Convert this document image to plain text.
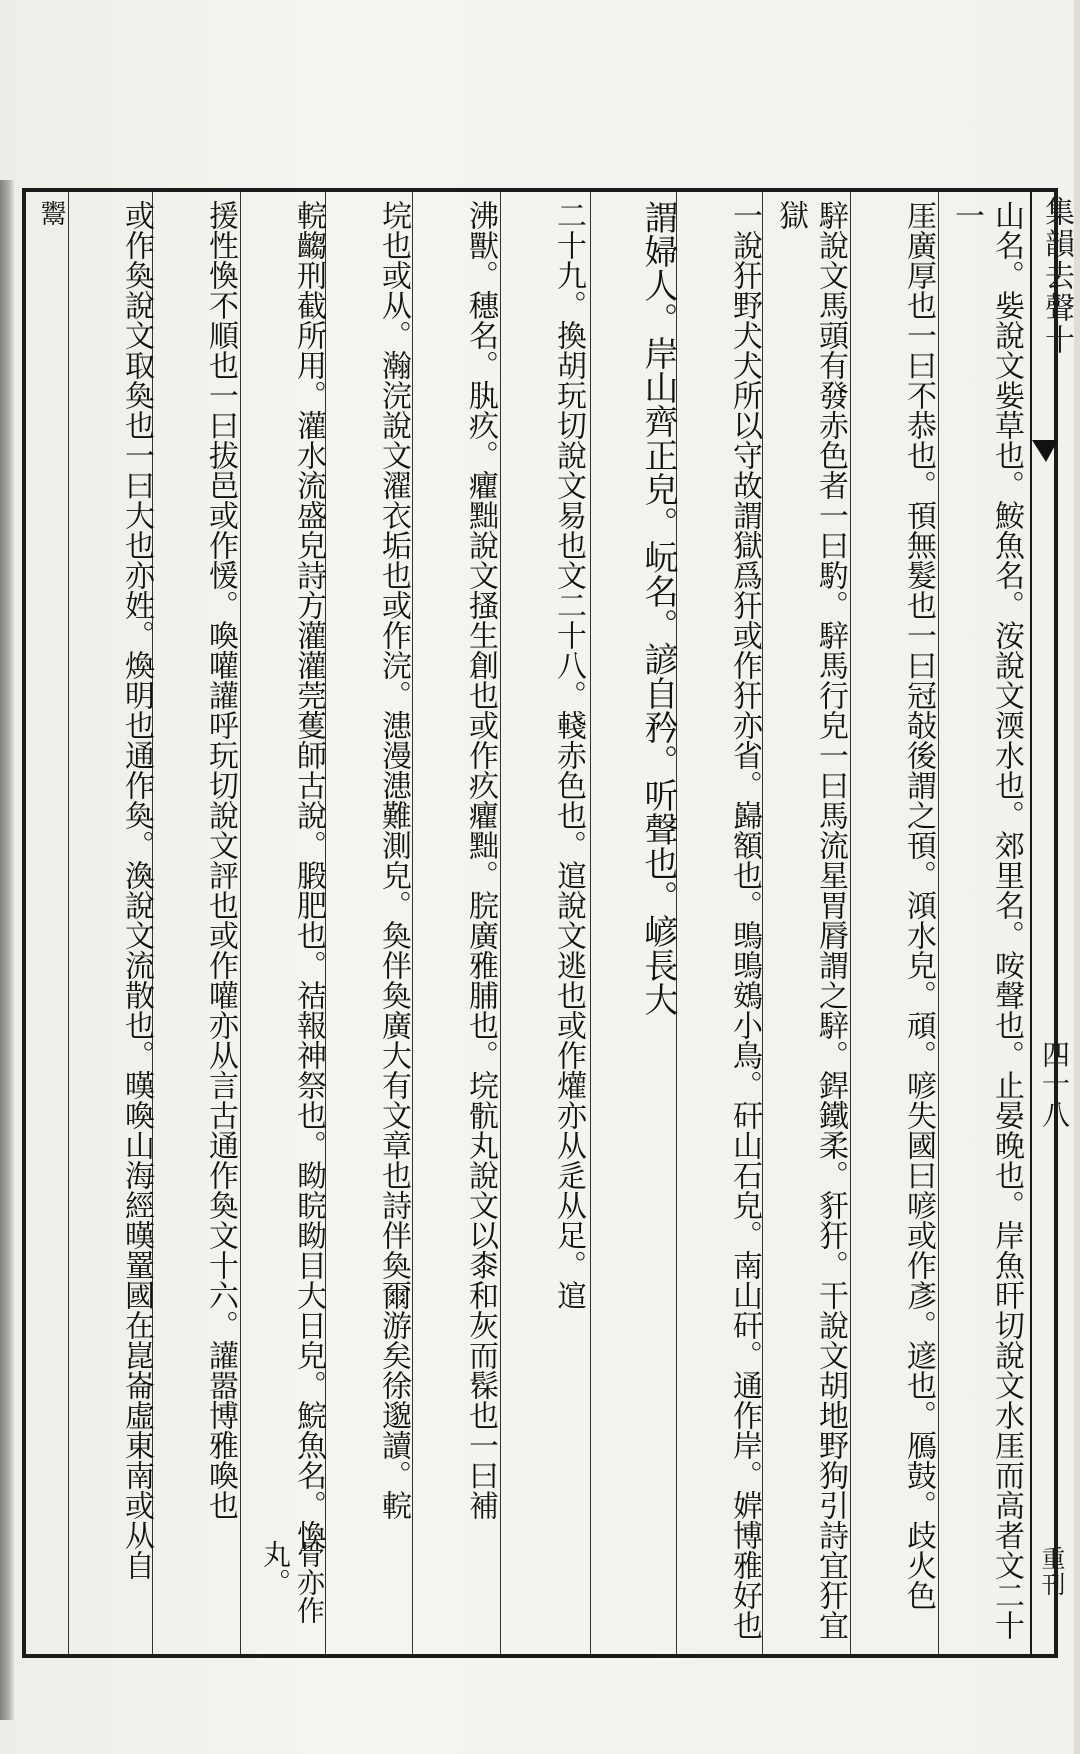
集韻去聲十
四十八
重刊
山名。姕說文姕草也。鮟魚名。洝說文渜水也。郊里名。咹聲也。止晏晚也。岸魚旰切說文水厓而高者文二十一
厓廣厚也一曰不恭也。頇無髮也一曰冠敧後謂之頇。澒水皃。頑。喭失國曰喭或作彥。遃也。鴈鼓。歧火色
騂說文馬頭有發赤色者一曰馰。騂馬行皃一曰馬流星胃脣謂之騂。銲鐵柔。豻犴。干說文胡地野狗引詩宜犴宜獄
一說犴野犬犬所以守故謂獄爲犴或作犴亦省。巋額也。鴠鴠鴳小鳥。矸山石皃。南山矸。通作岸。婩博雅好也
謂婦人。岸山齊正皃。岏名。諺自矜。听聲也。嵃長大
二十九。換胡玩切說文易也文二十八。輚赤色也。逭說文逃也或作爟亦从辵从足。逭
沸獸。穗名。肒疚。癯黜說文搔生創也或作疚癯黜。脘廣雅脯也。垸骯丸說文以桼和灰而髹也一曰補
垸也或从。瀚浣說文濯衣垢也或作浣。漶漫漶難測皃。奐伴奐廣大有文章也詩伴奐爾游矣徐邈讀。輐
骨亦作丸。
輐齺刑截所用。灌水流盛皃詩方灌灌莞蒦師古說。腶肥也。祮報神祭也。眑睆眑目大日皃。鯇魚名。愌
援性愌不順也一曰拔邑或作愋。喚嚾讙呼玩切說文評也或作嚾亦从言古通作奐文十六。讙嚣博雅喚也
或作奐說文取奐也一曰大也亦姓。煥明也通作奐。渙說文流散也。暵喚山海經暵罿國在崑崙虛東南或从自
鬻
